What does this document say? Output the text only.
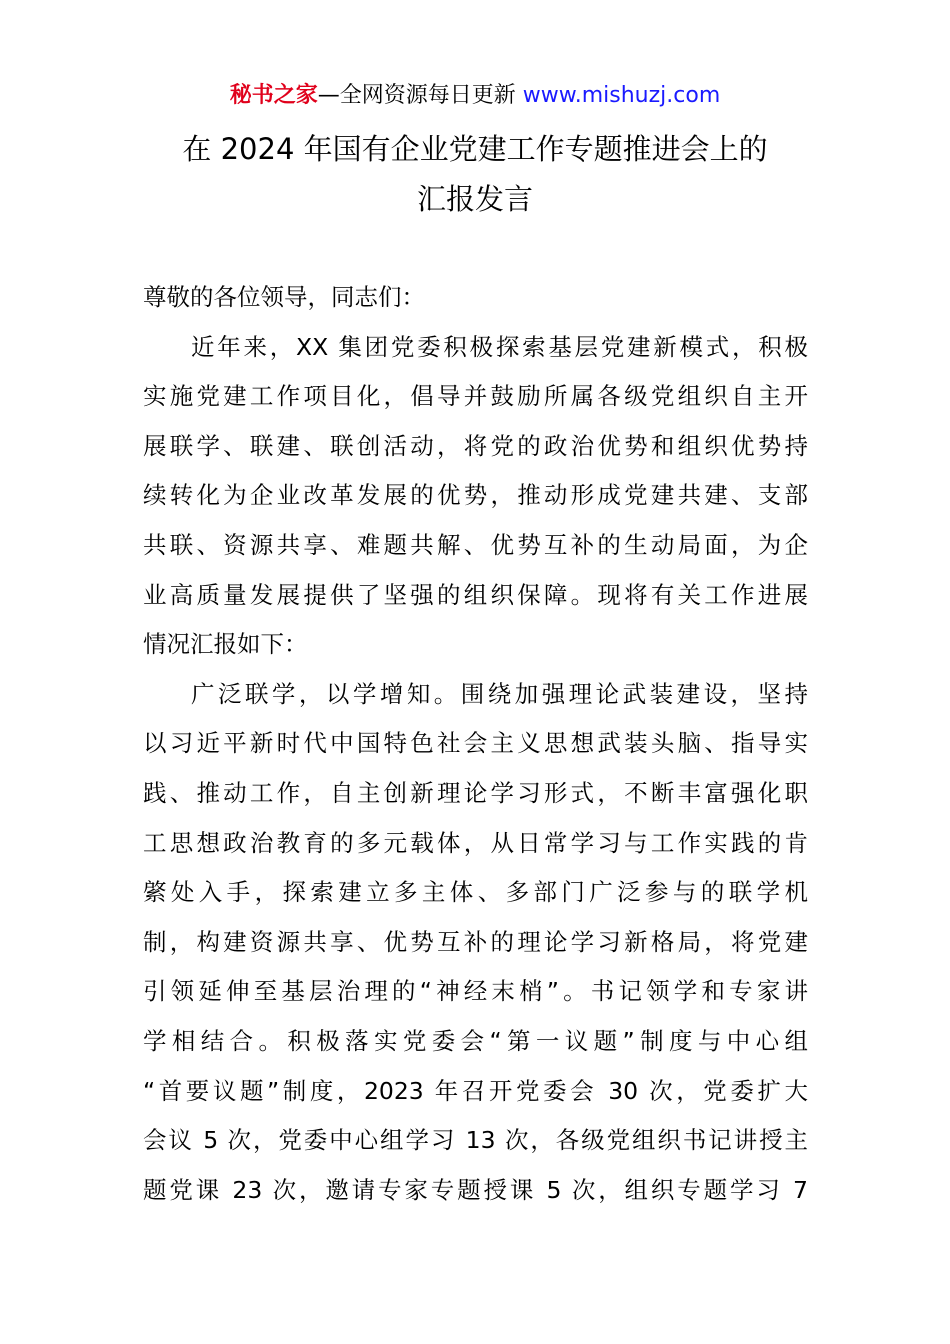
秘书之家—全网资源每日更新 www.mishuzj.com
在 2024 年国有企业党建工作专题推进会上的
汇报发言
尊敬的各位领导，同志们：
近年来，XX 集团党委积极探索基层党建新模式，积极
实施党建工作项目化，倡导并鼓励所属各级党组织自主开
展联学、联建、联创活动，将党的政治优势和组织优势持
续转化为企业改革发展的优势，推动形成党建共建、支部
共联、资源共享、难题共解、优势互补的生动局面，为企
业高质量发展提供了坚强的组织保障。现将有关工作进展
情况汇报如下：
广泛联学，以学增知。围绕加强理论武装建设，坚持
以习近平新时代中国特色社会主义思想武装头脑、指导实
践、推动工作，自主创新理论学习形式，不断丰富强化职
工思想政治教育的多元载体，从日常学习与工作实践的肯
綮处入手，探索建立多主体、多部门广泛参与的联学机
制，构建资源共享、优势互补的理论学习新格局，将党建
引领延伸至基层治理的“神经末梢”。书记领学和专家讲
学相结合。积极落实党委会“第一议题”制度与中心组
“首要议题”制度，2023 年召开党委会 30 次，党委扩大
会议 5 次，党委中心组学习 13 次，各级党组织书记讲授主
题党课 23 次，邀请专家专题授课 5 次，组织专题学习 7
